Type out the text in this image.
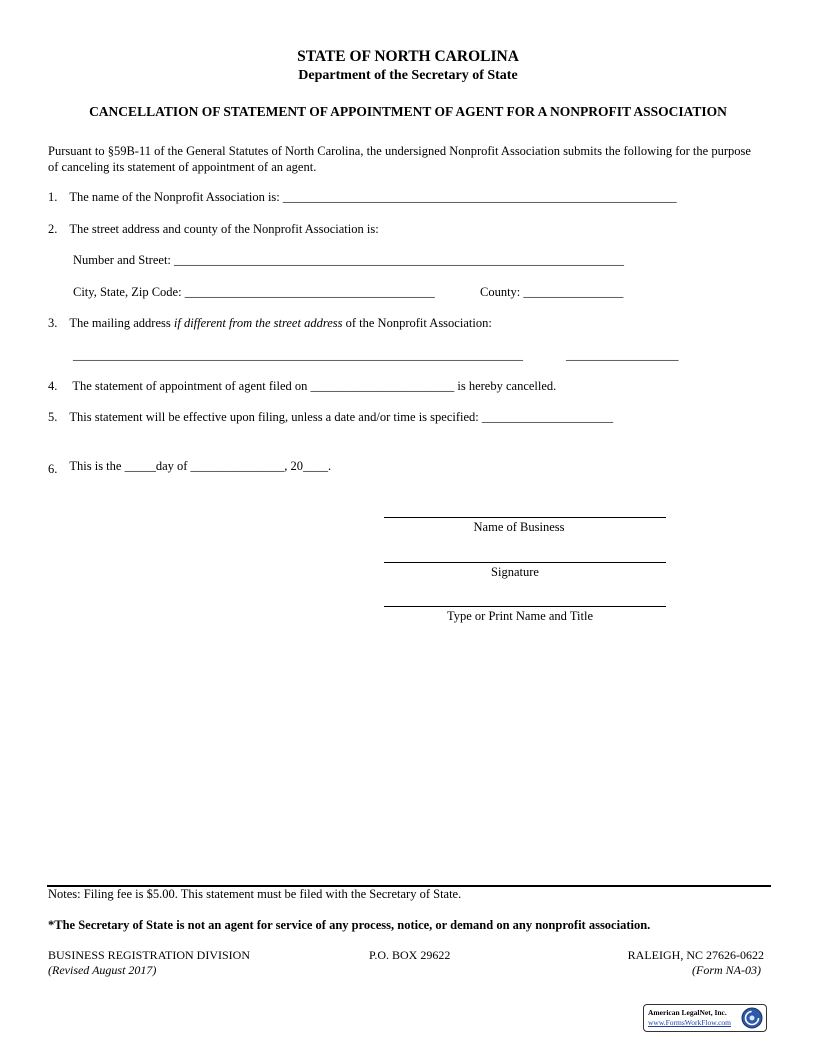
STATE OF NORTH CAROLINA
Department of the Secretary of State
CANCELLATION OF STATEMENT OF APPOINTMENT OF AGENT FOR A NONPROFIT ASSOCIATION
Pursuant to §59B-11 of the General Statutes of North Carolina, the undersigned Nonprofit Association submits the following for the purpose of canceling its statement of appointment of an agent.
1. The name of the Nonprofit Association is: _______________________________________________________________
2. The street address and county of the Nonprofit Association is:
Number and Street: ________________________________________________________________________
City, State, Zip Code: ________________________________________	County: ________________
3. The mailing address if different from the street address of the Nonprofit Association:
________________________________________________________________________	__________________
4. The statement of appointment of agent filed on _______________________ is hereby cancelled.
5. This statement will be effective upon filing, unless a date and/or time is specified: _____________________
6. This is the _____day of _______________, 20____.
Name of Business
Signature
Type or Print Name and Title
Notes: Filing fee is $5.00. This statement must be filed with the Secretary of State.
*The Secretary of State is not an agent for service of any process, notice, or demand on any nonprofit association.
BUSINESS REGISTRATION DIVISION	P.O. BOX 29622	RALEIGH, NC 27626-0622
(Revised August 2017)	(Form NA-03)
American LegalNet, Inc.
www.FormsWorkFlow.com
